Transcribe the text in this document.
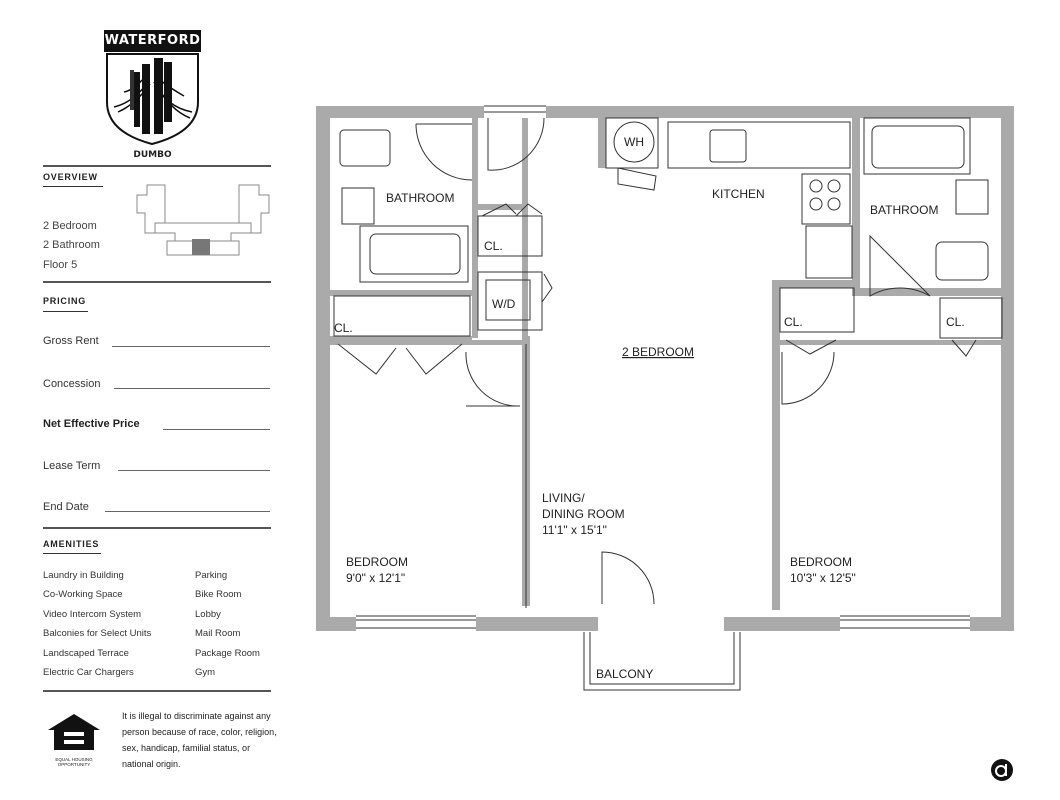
WATERFORD
DUMBO
OVERVIEW
2 Bedroom
2 Bathroom
Floor 5
PRICING
Gross Rent
Concession
Net Effective Price
Lease Term
End Date
AMENITIES
Laundry in Building
Co-Working Space
Video Intercom System
Balconies for Select Units
Landscaped Terrace
Electric Car Chargers
Parking
Bike Room
Lobby
Mail Room
Package Room
Gym
EQUAL HOUSING OPPORTUNITY
It is illegal to discriminate against any person because of race, color, religion, sex, handicap, familial status, or national origin.
BATHROOM
BATHROOM
KITCHEN
WH
W/D
CL.
CL.	CL.	CL.
2 BEDROOM
LIVING/
DINING ROOM
11'1" x 15'1"
BEDROOM
9'0" x 12'1"
BEDROOM
10'3" x 12'5"
BALCONY
